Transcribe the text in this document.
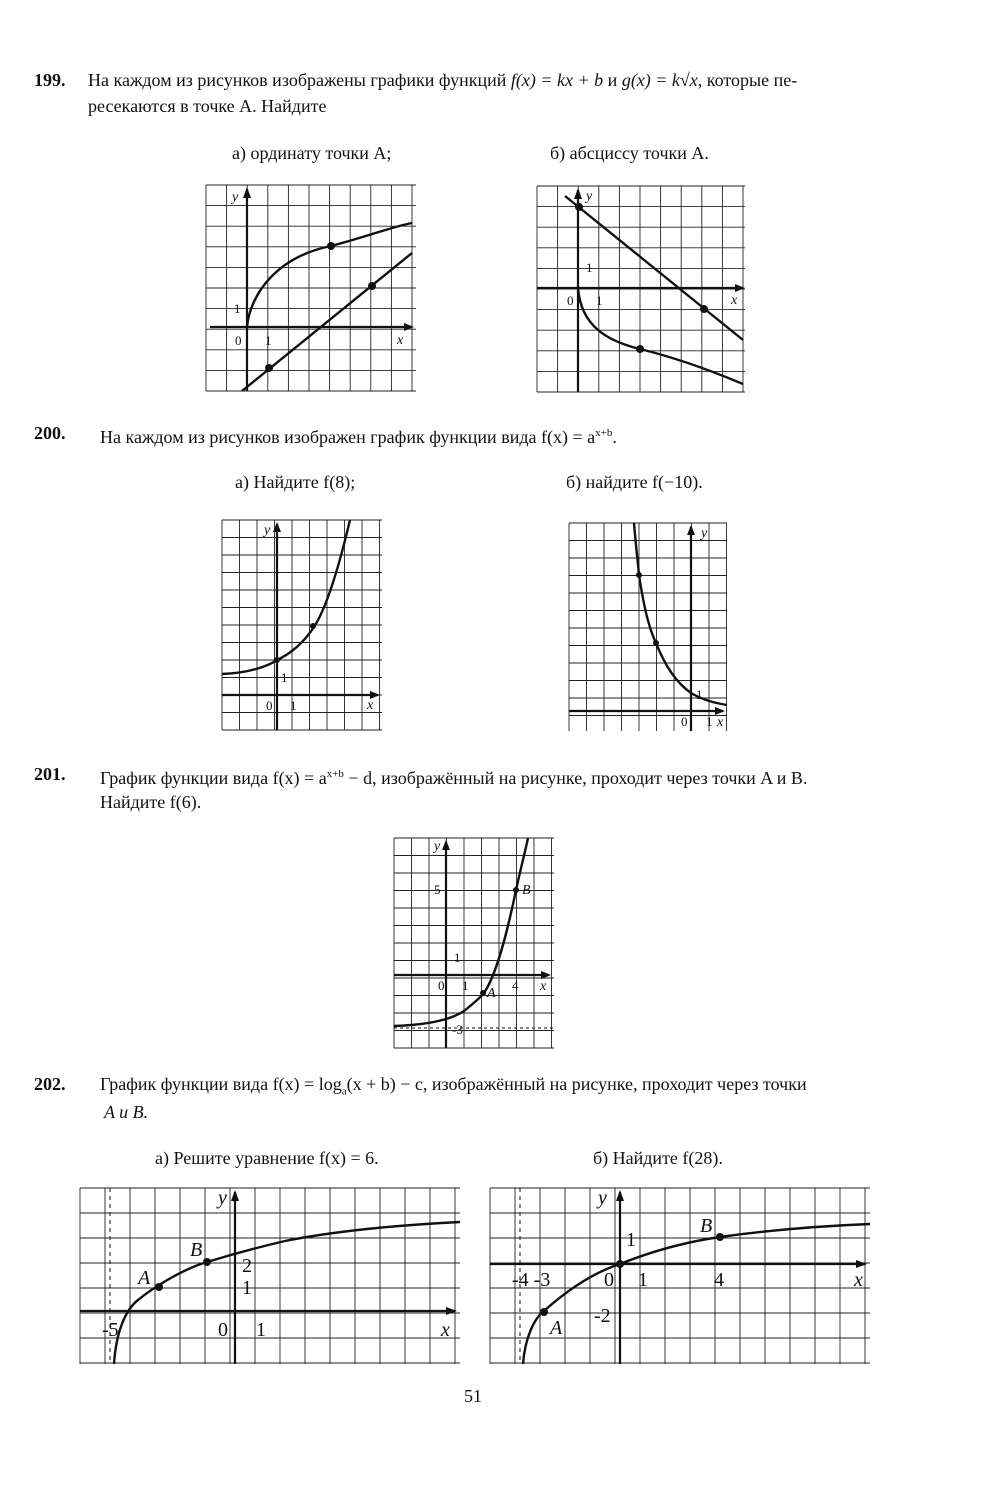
199. На каждом из рисунков изображены графики функций f(x) = kx + b и g(x) = k√x, которые пе-
ресекаются в точке A. Найдите
а) ординату точки A;	б) абсциссу точки A.
y
1
0 1	x
y
1
0 1	x
200. На каждом из рисунков изображен график функции вида $f(x) = a^{x+b}$.
а) Найдите f(8);	б) найдите f(−10).
y
1
0 1	x
y
1
0 1 x
201. График функции вида $f(x) = a^{x+b} - d$, изображённый на рисунке, проходит через точки A и B.
Найдите f(6).
y
5
1
0 1	4 x
-3
A
B
202. График функции вида $f(x) = \log_a(x + b) - c$, изображённый на рисунке, проходит через точки
A и B.
а) Решите уравнение f(x) = 6.	б) Найдите f(28).
y
2
1
0 1
-5	x
A
B
y
1
0 1	4
-4 -3
-2
x
A
B
51
